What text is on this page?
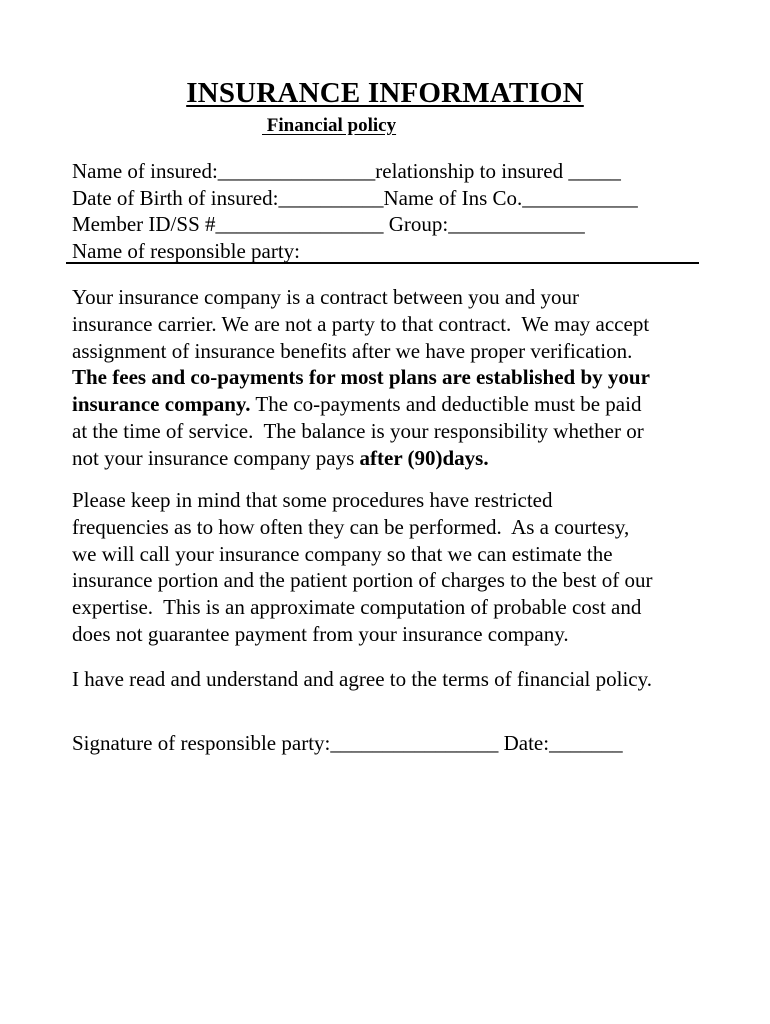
INSURANCE INFORMATION
Financial policy
Name of insured:_______________relationship to insured _____
Date of Birth of insured:__________Name of Ins Co.___________
Member ID/SS #________________ Group:_____________
Name of responsible party:
Your insurance company is a contract between you and your
insurance carrier. We are not a party to that contract.  We may accept
assignment of insurance benefits after we have proper verification.
The fees and co-payments for most plans are established by your
insurance company. The co-payments and deductible must be paid
at the time of service.  The balance is your responsibility whether or
not your insurance company pays after (90)days.
Please keep in mind that some procedures have restricted
frequencies as to how often they can be performed.  As a courtesy,
we will call your insurance company so that we can estimate the
insurance portion and the patient portion of charges to the best of our
expertise.  This is an approximate computation of probable cost and
does not guarantee payment from your insurance company.
I have read and understand and agree to the terms of financial policy.
Signature of responsible party:________________ Date:_______
